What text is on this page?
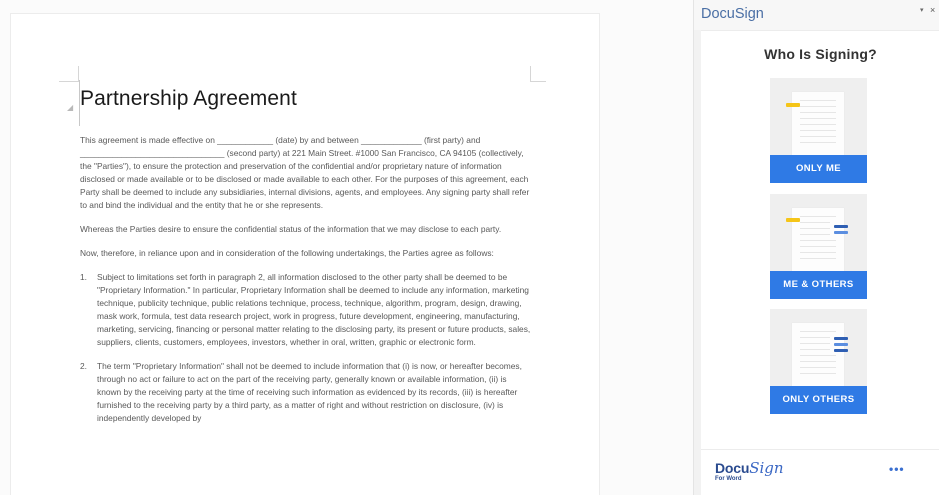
◢ Partnership Agreement

This agreement is made effective on ____________ (date) by and between _____________ (first party) and _______________________________ (second party) at 221 Main Street. #1000 San Francisco, CA 94105 (collectively, the "Parties"), to ensure the protection and preservation of the confidential and/or proprietary nature of information disclosed or made available or to be disclosed or made available to each other. For the purposes of this agreement, each Party shall be deemed to include any subsidiaries, internal divisions, agents, and employees. Any signing party shall refer to and bind the individual and the entity that he or she represents.

Whereas the Parties desire to ensure the confidential status of the information that we may disclose to each party.

Now, therefore, in reliance upon and in consideration of the following undertakings, the Parties agree as follows:

1. Subject to limitations set forth in paragraph 2, all information disclosed to the other party shall be deemed to be "Proprietary Information." In particular, Proprietary Information shall be deemed to include any information, marketing technique, publicity technique, public relations technique, process, technique, algorithm, program, design, drawing, mask work, formula, test data research project, work in progress, future development, engineering, manufacturing, marketing, servicing, financing or personal matter relating to the disclosing party, its present or future products, sales, suppliers, clients, customers, employees, investors, whether in oral, written, graphic or electronic form.
2. The term "Proprietary Information" shall not be deemed to include information that (i) is now, or hereafter becomes, through no act or failure to act on the part of the receiving party, generally known or available information, (ii) is known by the receiving party at the time of receiving such information as evidenced by its records, (iii) is hereafter furnished to the receiving party by a third party, as a matter of right and without restriction on disclosure, (iv) is independently developed by
DocuSign	▾ ×
Who Is Signing?
ONLY ME
ME & OTHERS
ONLY OTHERS
DocuSign
For Word
•••
